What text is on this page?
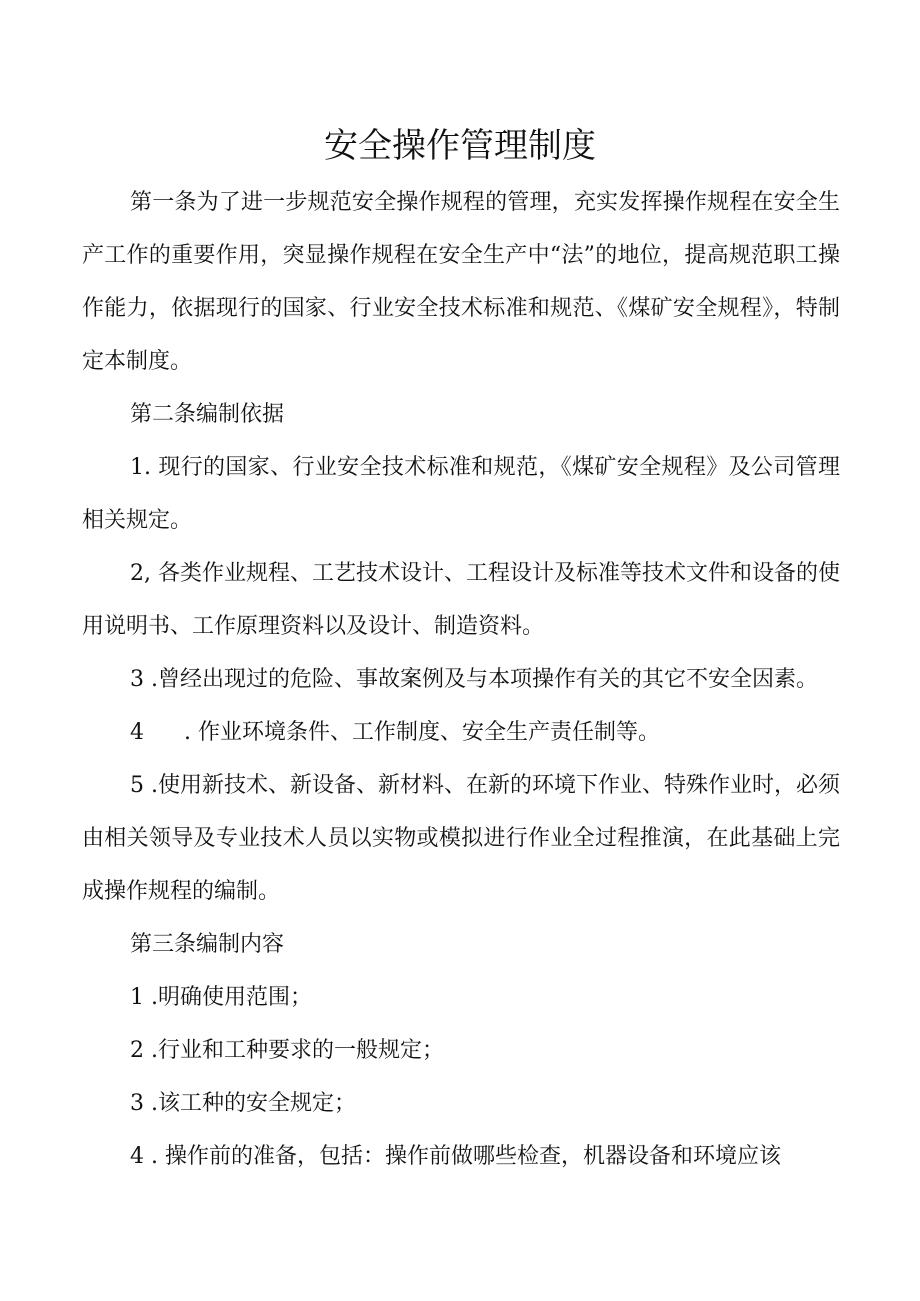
安全操作管理制度

第一条为了进一步规范安全操作规程的管理，充实发挥操作规程在安全生产工作的重要作用，突显操作规程在安全生产中“法”的地位，提高规范职工操作能力，依据现行的国家、行业安全技术标准和规范、《煤矿安全规程》，特制定本制度。

第二条编制依据

1. 现行的国家、行业安全技术标准和规范，《煤矿安全规程》及公司管理相关规定。

2, 各类作业规程、工艺技术设计、工程设计及标准等技术文件和设备的使用说明书、工作原理资料以及设计、制造资料。

3 .曾经出现过的危险、事故案例及与本项操作有关的其它不安全因素。

4 . 作业环境条件、工作制度、安全生产责任制等。

5 .使用新技术、新设备、新材料、在新的环境下作业、特殊作业时，必须由相关领导及专业技术人员以实物或模拟进行作业全过程推演，在此基础上完成操作规程的编制。

第三条编制内容

1 .明确使用范围；

2 .行业和工种要求的一般规定；

3 .该工种的安全规定；

4 . 操作前的准备，包括：操作前做哪些检查，机器设备和环境应该
